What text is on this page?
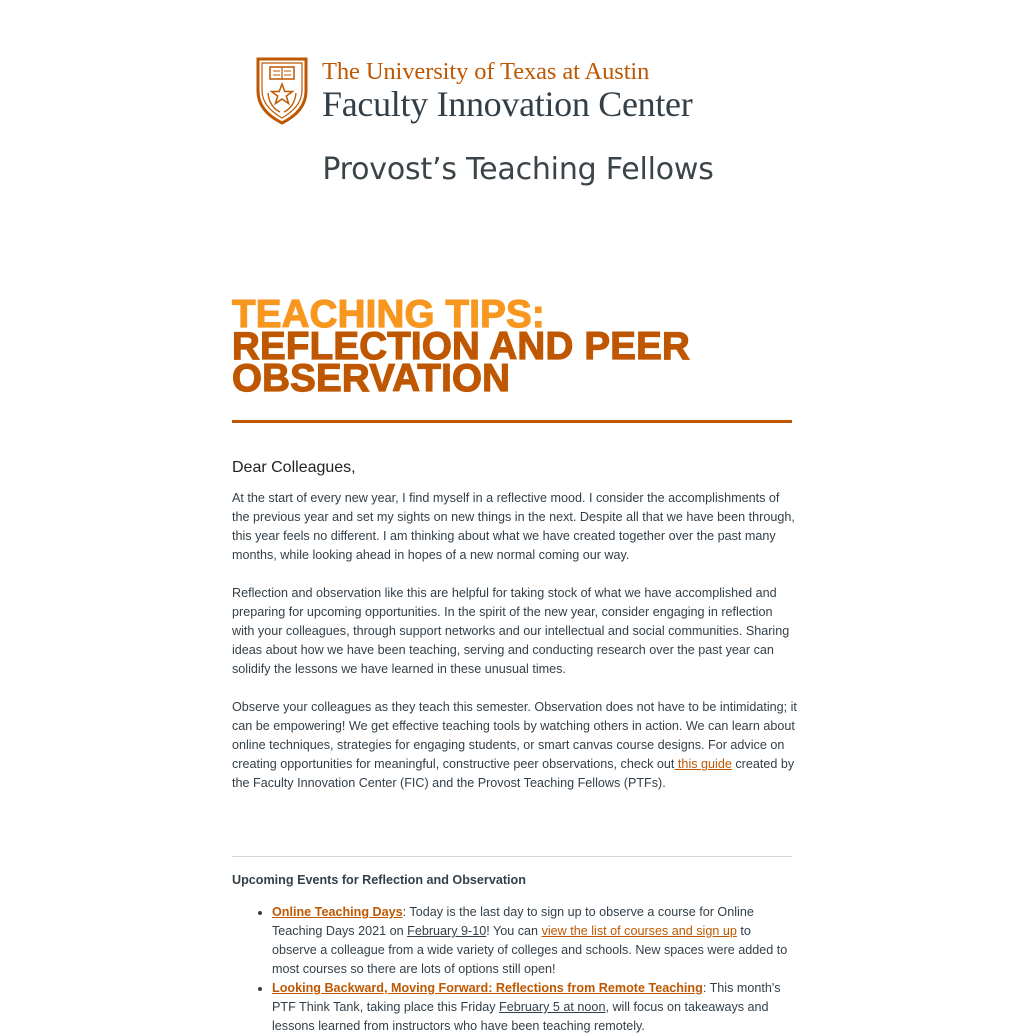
The University of Texas at Austin
Faculty Innovation Center
Provost’s Teaching Fellows
TEACHING TIPS:
REFLECTION AND PEER
OBSERVATION
Dear Colleagues,

At the start of every new year, I find myself in a reflective mood. I consider the accomplishments of the previous year and set my sights on new things in the next. Despite all that we have been through, this year feels no different. I am thinking about what we have created together over the past many months, while looking ahead in hopes of a new normal coming our way.

Reflection and observation like this are helpful for taking stock of what we have accomplished and preparing for upcoming opportunities. In the spirit of the new year, consider engaging in reflection with your colleagues, through support networks and our intellectual and social communities. Sharing ideas about how we have been teaching, serving and conducting research over the past year can solidify the lessons we have learned in these unusual times.

Observe your colleagues as they teach this semester. Observation does not have to be intimidating; it can be empowering! We get effective teaching tools by watching others in action. We can learn about online techniques, strategies for engaging students, or smart canvas course designs. For advice on creating opportunities for meaningful, constructive peer observations, check out this guide created by the Faculty Innovation Center (FIC) and the Provost Teaching Fellows (PTFs).

Upcoming Events for Reflection and Observation
• Online Teaching Days: Today is the last day to sign up to observe a course for Online Teaching Days 2021 on February 9-10! You can view the list of courses and sign up to observe a colleague from a wide variety of colleges and schools. New spaces were added to most courses so there are lots of options still open!
• Looking Backward, Moving Forward: Reflections from Remote Teaching: This month's PTF Think Tank, taking place this Friday February 5 at noon, will focus on takeaways and lessons learned from instructors who have been teaching remotely.
